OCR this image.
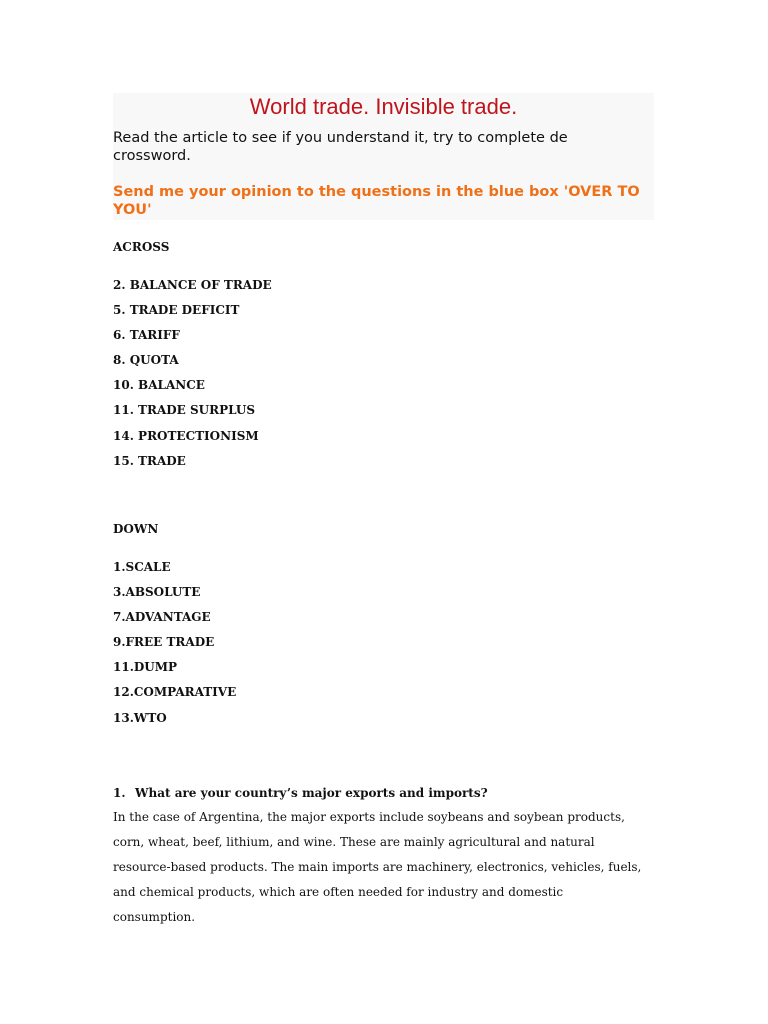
World trade. Invisible trade.

Read the article to see if you understand it, try to complete de crossword.

Send me your opinion to the questions in the blue box 'OVER TO YOU'

ACROSS

2. BALANCE OF TRADE
5. TRADE DEFICIT
6. TARIFF
8. QUOTA
10. BALANCE
11. TRADE SURPLUS
14. PROTECTIONISM
15. TRADE

DOWN

1.SCALE
3.ABSOLUTE
7.ADVANTAGE
9.FREE TRADE
11.DUMP
12.COMPARATIVE
13.WTO

1. What are your country’s major exports and imports?

In the case of Argentina, the major exports include soybeans and soybean products, corn, wheat, beef, lithium, and wine. These are mainly agricultural and natural resource-based products. The main imports are machinery, electronics, vehicles, fuels, and chemical products, which are often needed for industry and domestic consumption.
